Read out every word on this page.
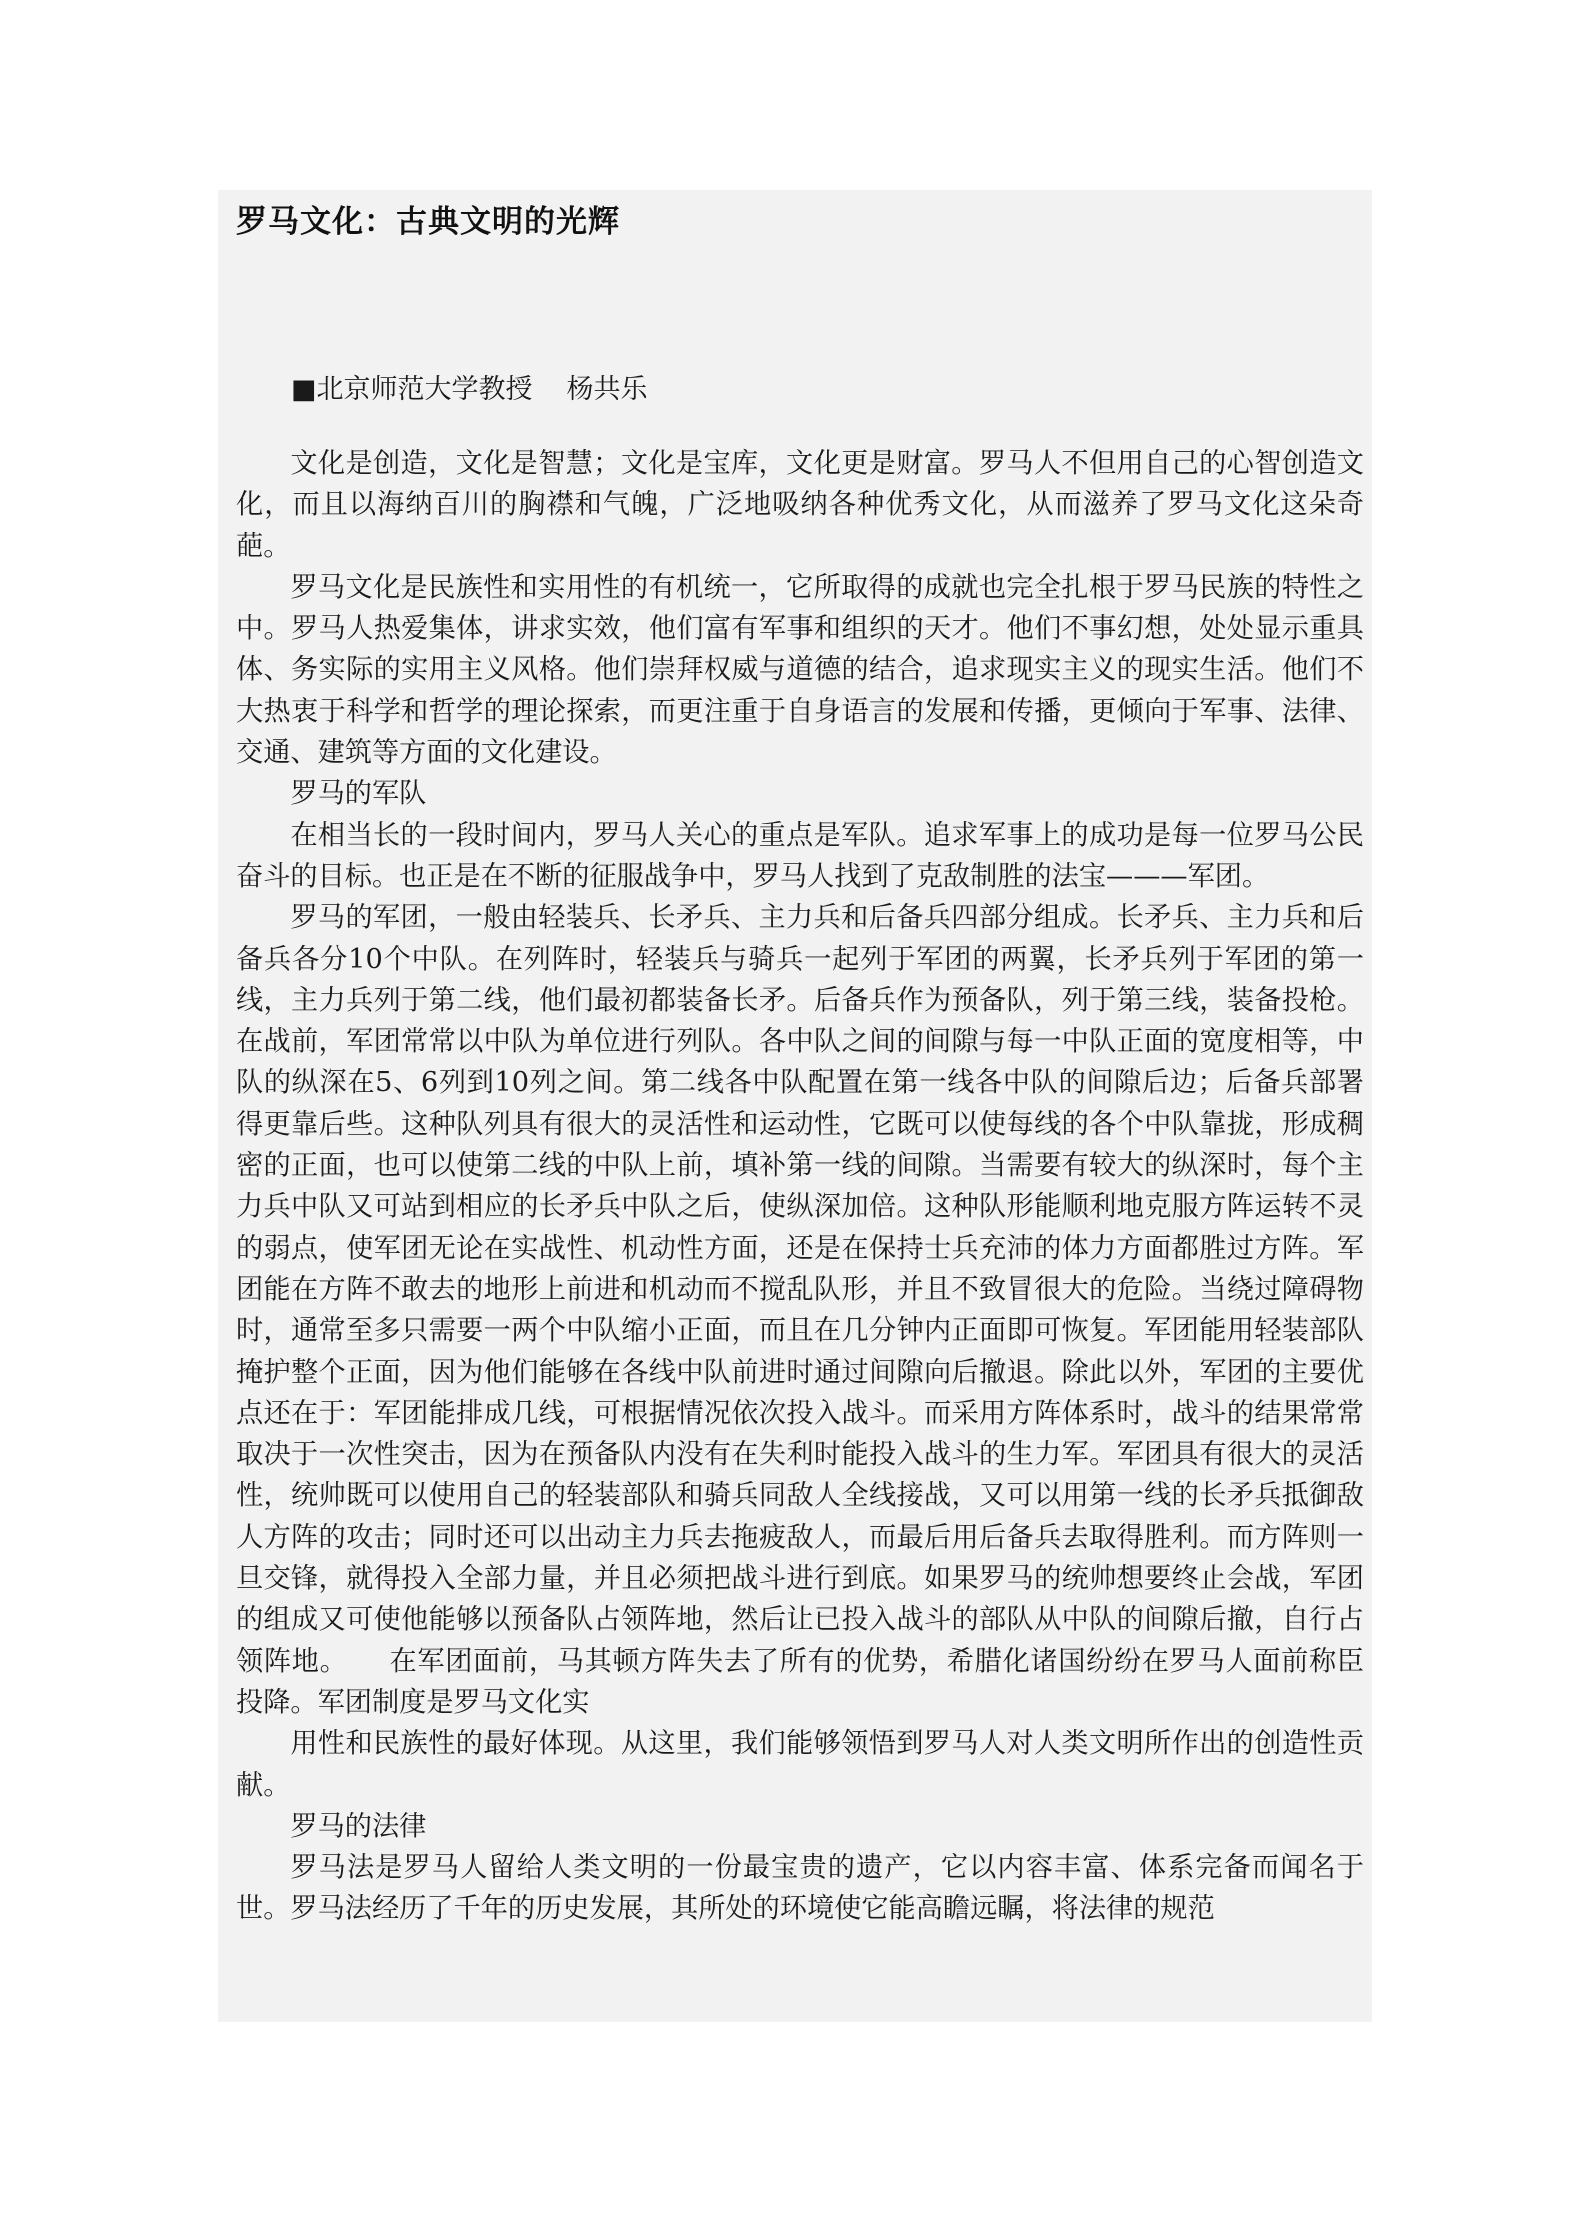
罗马文化：古典文明的光辉
■北京师范大学教授 杨共乐

文化是创造，文化是智慧；文化是宝库，文化更是财富。罗马人不但用自己的心智创造文化，而且以海纳百川的胸襟和气魄，广泛地吸纳各种优秀文化，从而滋养了罗马文化这朵奇葩。

罗马文化是民族性和实用性的有机统一，它所取得的成就也完全扎根于罗马民族的特性之中。罗马人热爱集体，讲求实效，他们富有军事和组织的天才。他们不事幻想，处处显示重具体、务实际的实用主义风格。他们崇拜权威与道德的结合，追求现实主义的现实生活。他们不大热衷于科学和哲学的理论探索，而更注重于自身语言的发展和传播，更倾向于军事、法律、交通、建筑等方面的文化建设。

罗马的军队

在相当长的一段时间内，罗马人关心的重点是军队。追求军事上的成功是每一位罗马公民奋斗的目标。也正是在不断的征服战争中，罗马人找到了克敌制胜的法宝———军团。

罗马的军团，一般由轻装兵、长矛兵、主力兵和后备兵四部分组成。长矛兵、主力兵和后备兵各分10个中队。在列阵时，轻装兵与骑兵一起列于军团的两翼，长矛兵列于军团的第一线，主力兵列于第二线，他们最初都装备长矛。后备兵作为预备队，列于第三线，装备投枪。在战前，军团常常以中队为单位进行列队。各中队之间的间隙与每一中队正面的宽度相等，中队的纵深在5、6列到10列之间。第二线各中队配置在第一线各中队的间隙后边；后备兵部署得更靠后些。这种队列具有很大的灵活性和运动性，它既可以使每线的各个中队靠拢，形成稠密的正面，也可以使第二线的中队上前，填补第一线的间隙。当需要有较大的纵深时，每个主力兵中队又可站到相应的长矛兵中队之后，使纵深加倍。这种队形能顺利地克服方阵运转不灵的弱点，使军团无论在实战性、机动性方面，还是在保持士兵充沛的体力方面都胜过方阵。军团能在方阵不敢去的地形上前进和机动而不搅乱队形，并且不致冒很大的危险。当绕过障碍物时，通常至多只需要一两个中队缩小正面，而且在几分钟内正面即可恢复。军团能用轻装部队掩护整个正面，因为他们能够在各线中队前进时通过间隙向后撤退。除此以外，军团的主要优点还在于：军团能排成几线，可根据情况依次投入战斗。而采用方阵体系时，战斗的结果常常取决于一次性突击，因为在预备队内没有在失利时能投入战斗的生力军。军团具有很大的灵活性，统帅既可以使用自己的轻装部队和骑兵同敌人全线接战，又可以用第一线的长矛兵抵御敌人方阵的攻击；同时还可以出动主力兵去拖疲敌人，而最后用后备兵去取得胜利。而方阵则一旦交锋，就得投入全部力量，并且必须把战斗进行到底。如果罗马的统帅想要终止会战，军团的组成又可使他能够以预备队占领阵地，然后让已投入战斗的部队从中队的间隙后撤，自行占领阵地。　　在军团面前，马其顿方阵失去了所有的优势，希腊化诸国纷纷在罗马人面前称臣投降。军团制度是罗马文化实

用性和民族性的最好体现。从这里，我们能够领悟到罗马人对人类文明所作出的创造性贡献。

罗马的法律

罗马法是罗马人留给人类文明的一份最宝贵的遗产，它以内容丰富、体系完备而闻名于世。罗马法经历了千年的历史发展，其所处的环境使它能高瞻远瞩，将法律的规范
